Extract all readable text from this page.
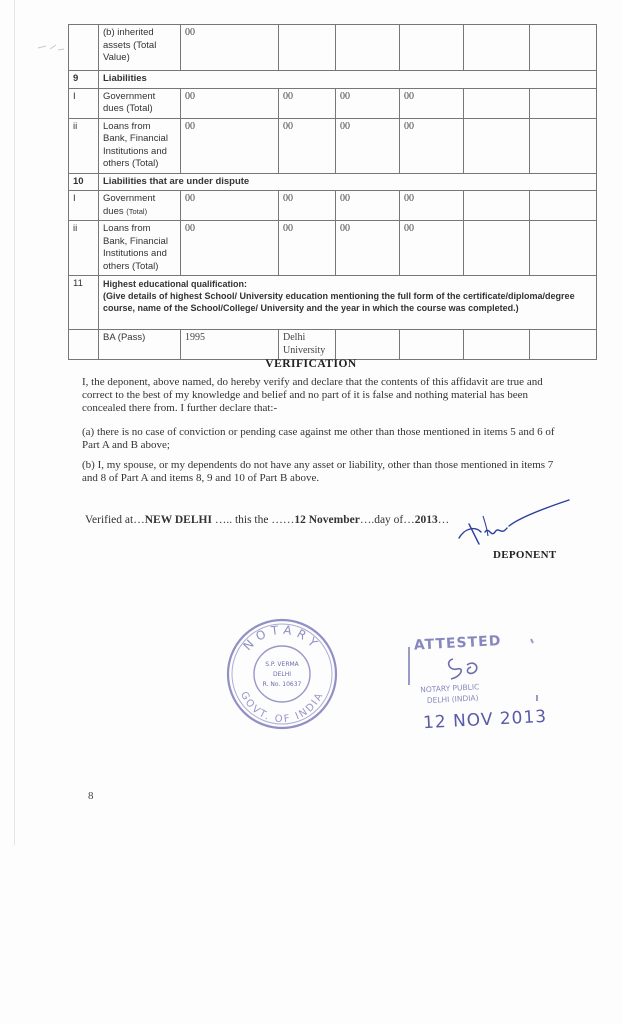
	(b) inherited assets (Total Value)	00					
9	Liabilities						
I	Government dues (Total)	00	00	00	00		
ii	Loans from Bank, Financial Institutions and others (Total)	00	00	00	00		
10	Liabilities that are under dispute						
I	Government dues (Total)	00	00	00	00		
ii	Loans from Bank, Financial Institutions and others (Total)	00	00	00	00		
11	Highest educational qualification:
(Give details of highest School/ University education mentioning the full form of the certificate/diploma/degree course, name of the School/College/ University and the year in which the course was completed.)						

	BA (Pass)	1995	Delhi University				
VERIFICATION

I, the deponent, above named, do hereby verify and declare that the contents of this affidavit are true and correct to the best of my knowledge and belief and no part of it is false and nothing material has been concealed there from. I further declare that:-

(a) there is no case of conviction or pending case against me other than those mentioned in items 5 and 6 of Part A and B above;

(b) I, my spouse, or my dependents do not have any asset or liability, other than those mentioned in items 7 and 8 of Part A and items 8, 9 and 10 of Part B above.

Verified at…NEW DELHI ….. this the ……12 November….day of…2013…
DEPONENT
NOTARY
GOVT. OF INDIA
S.P. VERMA
DELHI
R. No. 10637
ATTESTED
NOTARY PUBLIC
DELHI (INDIA)
12 NOV 2013
8
